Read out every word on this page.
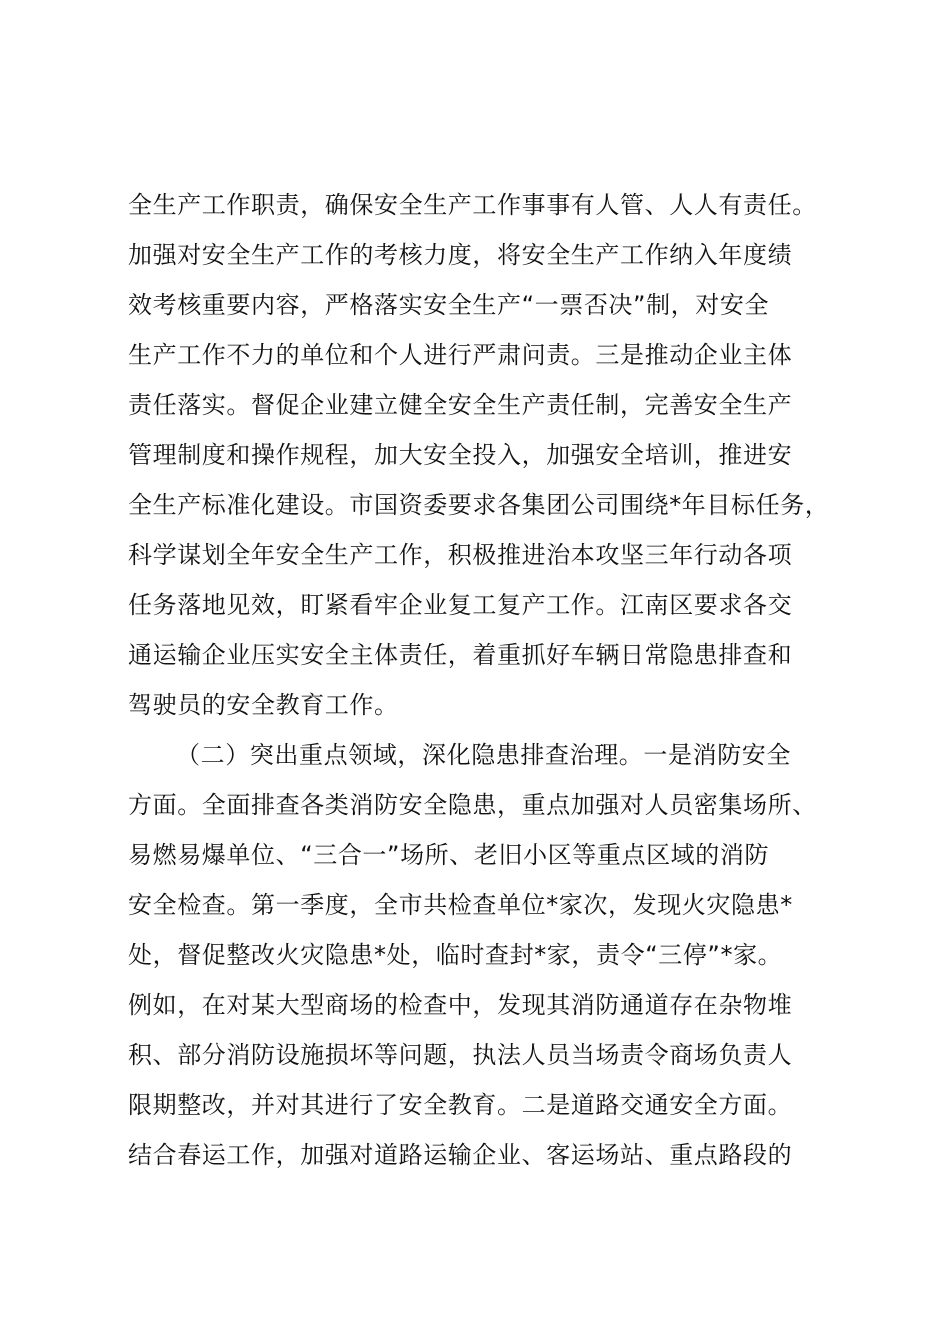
全生产工作职责，确保安全生产工作事事有人管、人人有责任。
加强对安全生产工作的考核力度，将安全生产工作纳入年度绩
效考核重要内容，严格落实安全生产“一票否决”制，对安全
生产工作不力的单位和个人进行严肃问责。三是推动企业主体
责任落实。督促企业建立健全安全生产责任制，完善安全生产
管理制度和操作规程，加大安全投入，加强安全培训，推进安
全生产标准化建设。市国资委要求各集团公司围绕*年目标任务，
科学谋划全年安全生产工作，积极推进治本攻坚三年行动各项
任务落地见效，盯紧看牢企业复工复产工作。江南区要求各交
通运输企业压实安全主体责任，着重抓好车辆日常隐患排查和
驾驶员的安全教育工作。
（二）突出重点领域，深化隐患排查治理。一是消防安全
方面。全面排查各类消防安全隐患，重点加强对人员密集场所、
易燃易爆单位、“三合一”场所、老旧小区等重点区域的消防
安全检查。第一季度，全市共检查单位*家次，发现火灾隐患*
处，督促整改火灾隐患*处，临时查封*家，责令“三停”*家。
例如，在对某大型商场的检查中，发现其消防通道存在杂物堆
积、部分消防设施损坏等问题，执法人员当场责令商场负责人
限期整改，并对其进行了安全教育。二是道路交通安全方面。
结合春运工作，加强对道路运输企业、客运场站、重点路段的
